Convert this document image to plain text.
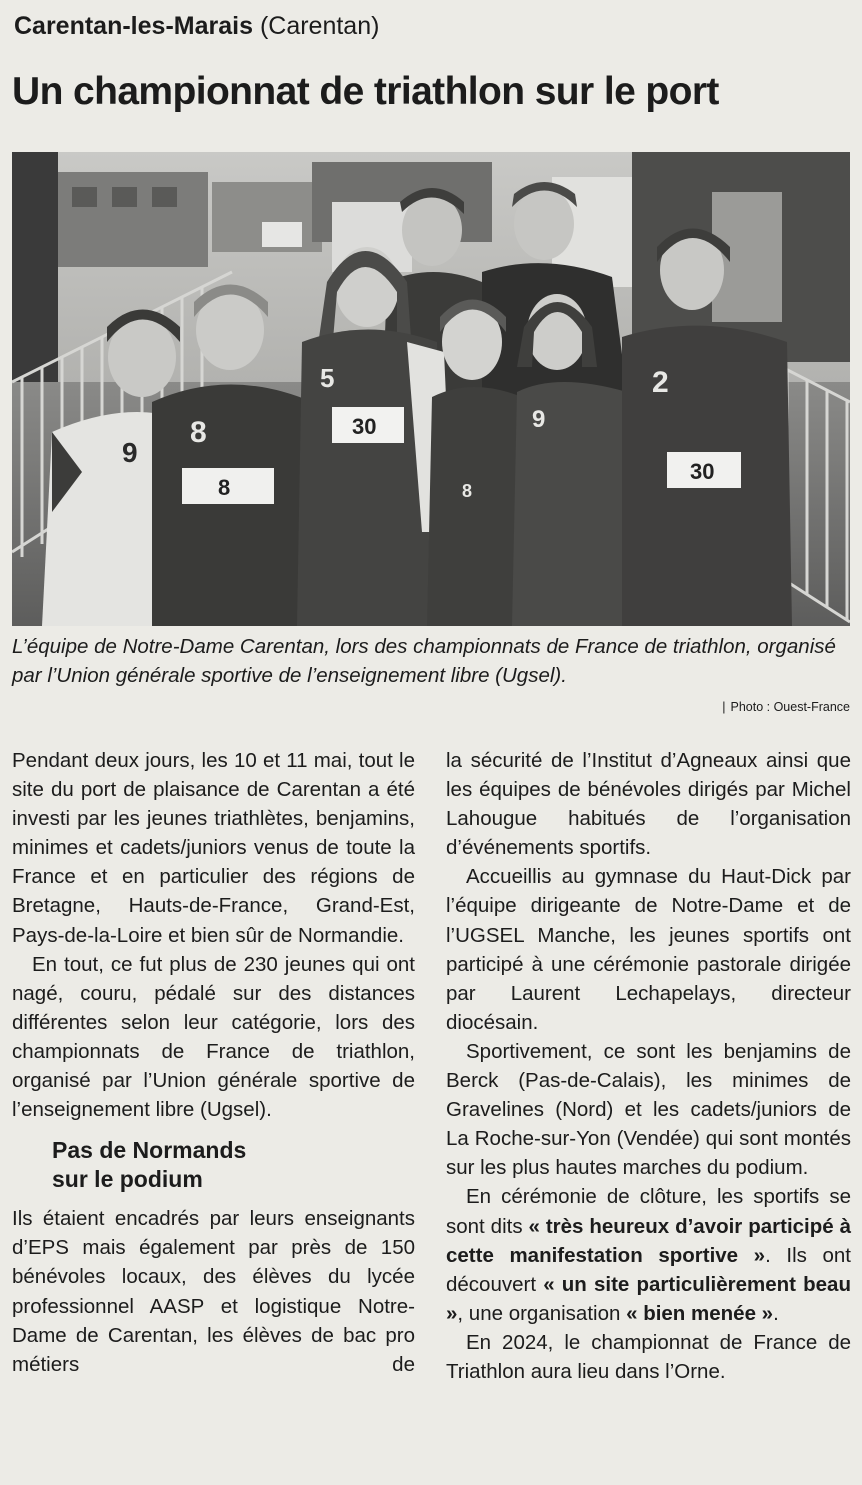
Carentan-les-Marais (Carentan)
Un championnat de triathlon sur le port
9
8
8
30
5
8
9
2
30

L’équipe de Notre-Dame Carentan, lors des championnats de France de triathlon, organisé par l’Union générale sportive de l’enseignement libre (Ugsel).

| Photo : Ouest-France

Pendant deux jours, les 10 et 11 mai, tout le site du port de plaisance de Carentan a été investi par les jeunes triathlètes, benjamins, minimes et cadets/juniors venus de toute la France et en particulier des régions de Bretagne, Hauts-de-France, Grand-Est, Pays-de-la-Loire et bien sûr de Normandie.

En tout, ce fut plus de 230 jeunes qui ont nagé, couru, pédalé sur des distances différentes selon leur catégorie, lors des championnats de France de triathlon, organisé par l’Union générale sportive de l’enseignement libre (Ugsel).

Pas de Normands
sur le podium

Ils étaient encadrés par leurs enseignants d’EPS mais également par près de 150 bénévoles locaux, des élèves du lycée professionnel AASP et logistique Notre-Dame de Carentan, les élèves de bac pro métiers de

la sécurité de l’Institut d’Agneaux ainsi que les équipes de bénévoles dirigés par Michel Lahougue habitués de l’organisation d’événements sportifs.

Accueillis au gymnase du Haut-Dick par l’équipe dirigeante de Notre-Dame et de l’UGSEL Manche, les jeunes sportifs ont participé à une cérémonie pastorale dirigée par Laurent Lechapelays, directeur diocésain.

Sportivement, ce sont les benjamins de Berck (Pas-de-Calais), les minimes de Gravelines (Nord) et les cadets/juniors de La Roche-sur-Yon (Vendée) qui sont montés sur les plus hautes marches du podium.

En cérémonie de clôture, les sportifs se sont dits « très heureux d’avoir participé à cette manifestation sportive ». Ils ont découvert « un site particulièrement beau », une organisation « bien menée ».

En 2024, le championnat de France de Triathlon aura lieu dans l’Orne.
